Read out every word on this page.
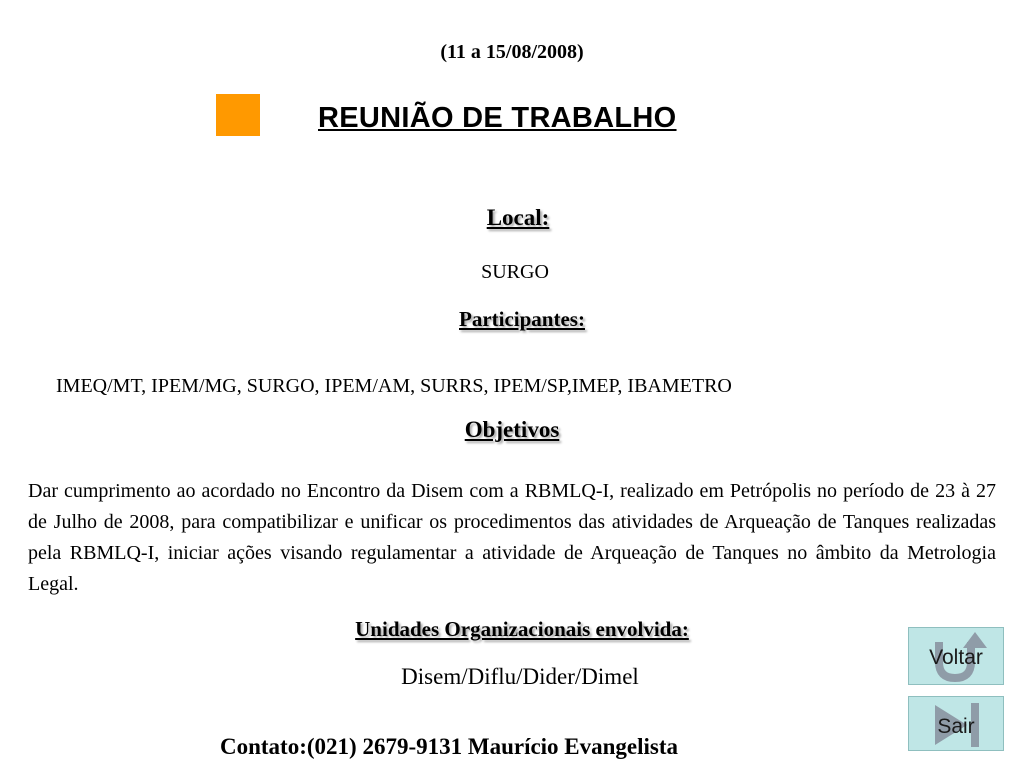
(11 a 15/08/2008)
REUNIÃO DE TRABALHO
Local:
SURGO
Participantes:
IMEQ/MT, IPEM/MG, SURGO, IPEM/AM, SURRS, IPEM/SP,IMEP, IBAMETRO
Objetivos
Dar cumprimento ao acordado no Encontro da Disem com a RBMLQ-I, realizado em Petrópolis no período de 23 à 27 de Julho de 2008, para compatibilizar e unificar os procedimentos das atividades de Arqueação de Tanques realizadas pela RBMLQ-I, iniciar ações visando regulamentar a atividade de Arqueação de Tanques no âmbito da Metrologia Legal.
Unidades Organizacionais envolvida:
Disem/Diflu/Dider/Dimel
Contato:(021) 2679-9131 Maurício Evangelista
Voltar
Sair
